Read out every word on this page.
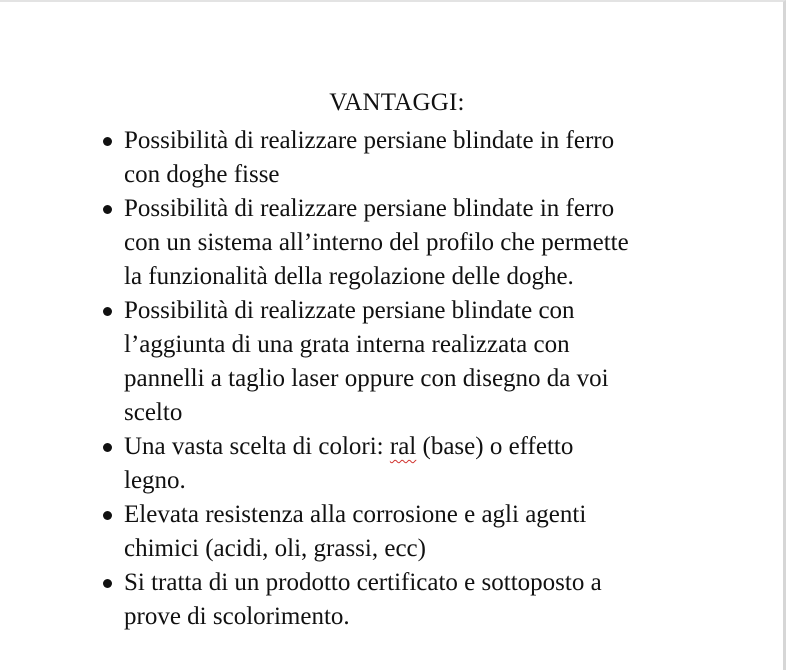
VANTAGGI:
Possibilità di realizzare persiane blindate in ferro
con doghe fisse
Possibilità di realizzare persiane blindate in ferro
con un sistema all’interno del profilo che permette
la funzionalità della regolazione delle doghe.
Possibilità di realizzate persiane blindate con
l’aggiunta di una grata interna realizzata con
pannelli a taglio laser oppure con disegno da voi
scelto
Una vasta scelta di colori: ral (base) o effetto
legno.
Elevata resistenza alla corrosione e agli agenti
chimici (acidi, oli, grassi, ecc)
Si tratta di un prodotto certificato e sottoposto a
prove di scolorimento.
